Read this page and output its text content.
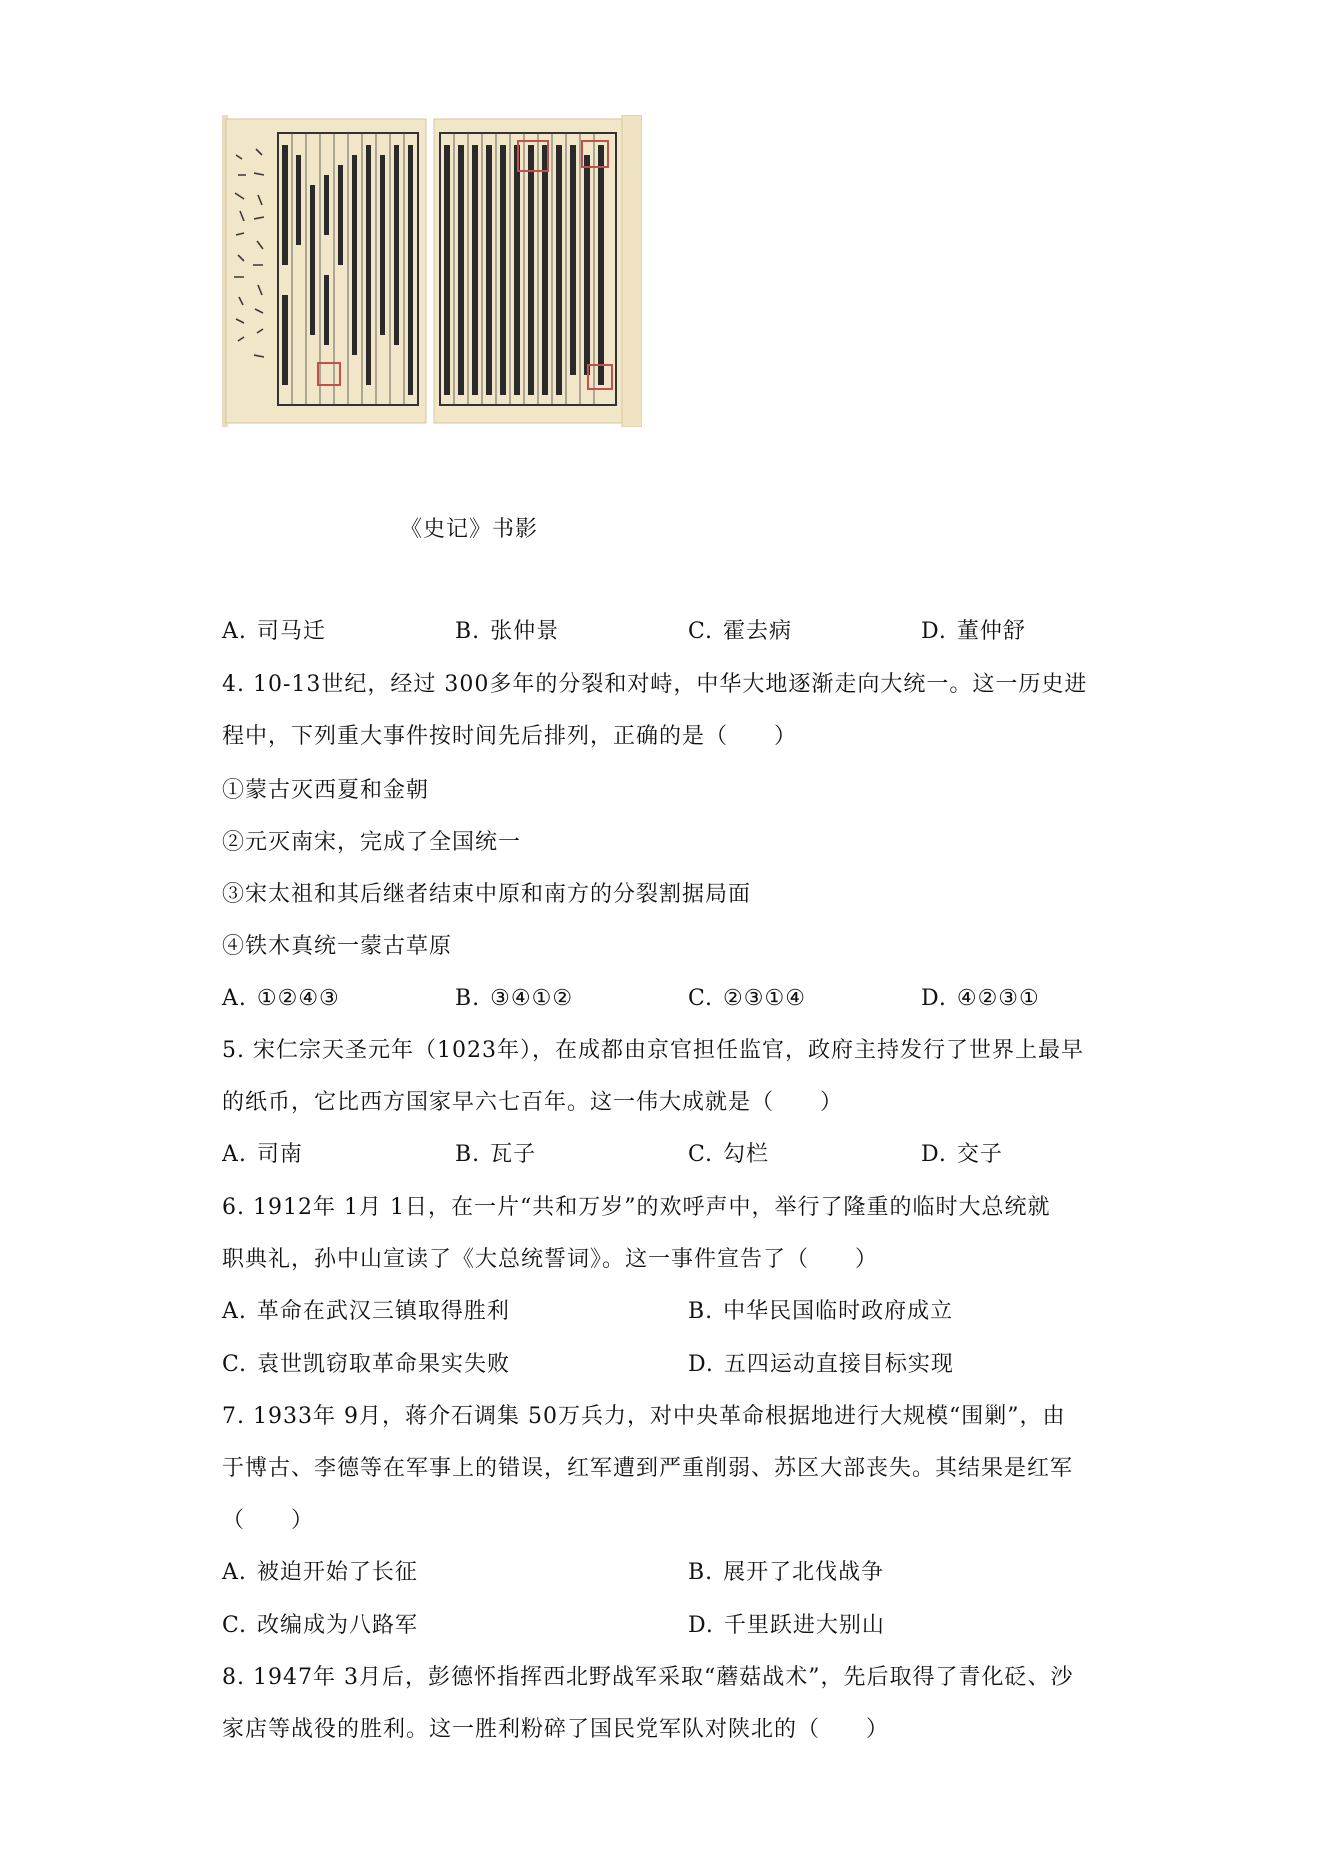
《史记》书影
A. 司马迁	B. 张仲景	C. 霍去病	D. 董仲舒
4. 10-13世纪，经过 300多年的分裂和对峙，中华大地逐渐走向大统一。这一历史进
程中，下列重大事件按时间先后排列，正确的是（　　）
①蒙古灭西夏和金朝
②元灭南宋，完成了全国统一
③宋太祖和其后继者结束中原和南方的分裂割据局面
④铁木真统一蒙古草原
A. ①②④③	B. ③④①②	C. ②③①④	D. ④②③①
5. 宋仁宗天圣元年（1023年），在成都由京官担任监官，政府主持发行了世界上最早
的纸币，它比西方国家早六七百年。这一伟大成就是（　　）
A. 司南	B. 瓦子	C. 勾栏	D. 交子
6. 1912年 1月 1日，在一片“共和万岁”的欢呼声中，举行了隆重的临时大总统就
职典礼，孙中山宣读了《大总统誓词》。这一事件宣告了（　　）
A. 革命在武汉三镇取得胜利	B. 中华民国临时政府成立
C. 袁世凯窃取革命果实失败	D. 五四运动直接目标实现
7. 1933年 9月，蒋介石调集 50万兵力，对中央革命根据地进行大规模“围剿”，由
于博古、李德等在军事上的错误，红军遭到严重削弱、苏区大部丧失。其结果是红军
（　　）
A. 被迫开始了长征	B. 展开了北伐战争
C. 改编成为八路军	D. 千里跃进大别山
8. 1947年 3月后，彭德怀指挥西北野战军采取“蘑菇战术”，先后取得了青化砭、沙
家店等战役的胜利。这一胜利粉碎了国民党军队对陕北的（　　）
